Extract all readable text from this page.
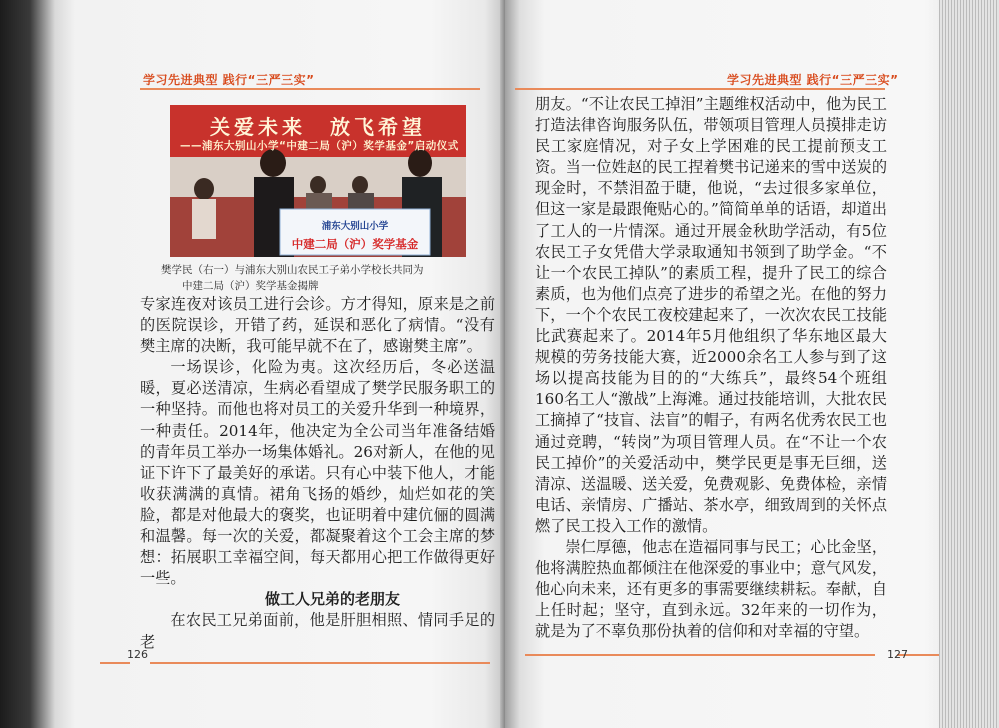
学习先进典型 践行“三严三实”
关爱未来　放飞希望
——浦东大别山小学“中建二局（沪）奖学基金”启动仪式
浦东大别山小学
中建二局（沪）奖学基金
樊学民（右一）与浦东大别山农民工子弟小学校长共同为
中建二局（沪）奖学基金揭牌

专家连夜对该员工进行会诊。方才得知，原来是之前的医院误诊，开错了药，延误和恶化了病情。“没有樊主席的决断，我可能早就不在了，感谢樊主席”。

一场误诊，化险为夷。这次经历后，冬必送温暖，夏必送清凉，生病必看望成了樊学民服务职工的一种坚持。而他也将对员工的关爱升华到一种境界，一种责任。2014年，他决定为全公司当年准备结婚的青年员工举办一场集体婚礼。26对新人，在他的见证下许下了最美好的承诺。只有心中装下他人，才能收获满满的真情。裙角飞扬的婚纱，灿烂如花的笑脸，都是对他最大的褒奖，也证明着中建伉俪的圆满和温馨。每一次的关爱，都凝聚着这个工会主席的梦想：拓展职工幸福空间，每天都用心把工作做得更好一些。

做工人兄弟的老朋友

在农民工兄弟面前，他是肝胆相照、情同手足的老

126
学习先进典型 践行“三严三实”

朋友。“不让农民工掉泪”主题维权活动中，他为民工打造法律咨询服务队伍，带领项目管理人员摸排走访民工家庭情况，对子女上学困难的民工提前预支工资。当一位姓赵的民工捏着樊书记递来的雪中送炭的现金时，不禁泪盈于睫，他说，“去过很多家单位，但这一家是最跟俺贴心的。”简简单单的话语，却道出了工人的一片情深。通过开展金秋助学活动，有5位农民工子女凭借大学录取通知书领到了助学金。“不让一个农民工掉队”的素质工程，提升了民工的综合素质，也为他们点亮了进步的希望之光。在他的努力下，一个个农民工夜校建起来了，一次次农民工技能比武赛起来了。2014年5月他组织了华东地区最大规模的劳务技能大赛，近2000余名工人参与到了这场以提高技能为目的的“大练兵”，最终54个班组160名工人“激战”上海滩。通过技能培训，大批农民工摘掉了“技盲、法盲”的帽子，有两名优秀农民工也通过竞聘，“转岗”为项目管理人员。在“不让一个农民工掉价”的关爱活动中，樊学民更是事无巨细，送清凉、送温暖、送关爱，免费观影、免费体检，亲情电话、亲情房、广播站、茶水亭，细致周到的关怀点燃了民工投入工作的激情。

崇仁厚德，他志在造福同事与民工；心比金坚，他将满腔热血都倾注在他深爱的事业中；意气风发，他心向未来，还有更多的事需要继续耕耘。奉献，自上任时起；坚守，直到永远。32年来的一切作为，就是为了不辜负那份执着的信仰和对幸福的守望。

127
